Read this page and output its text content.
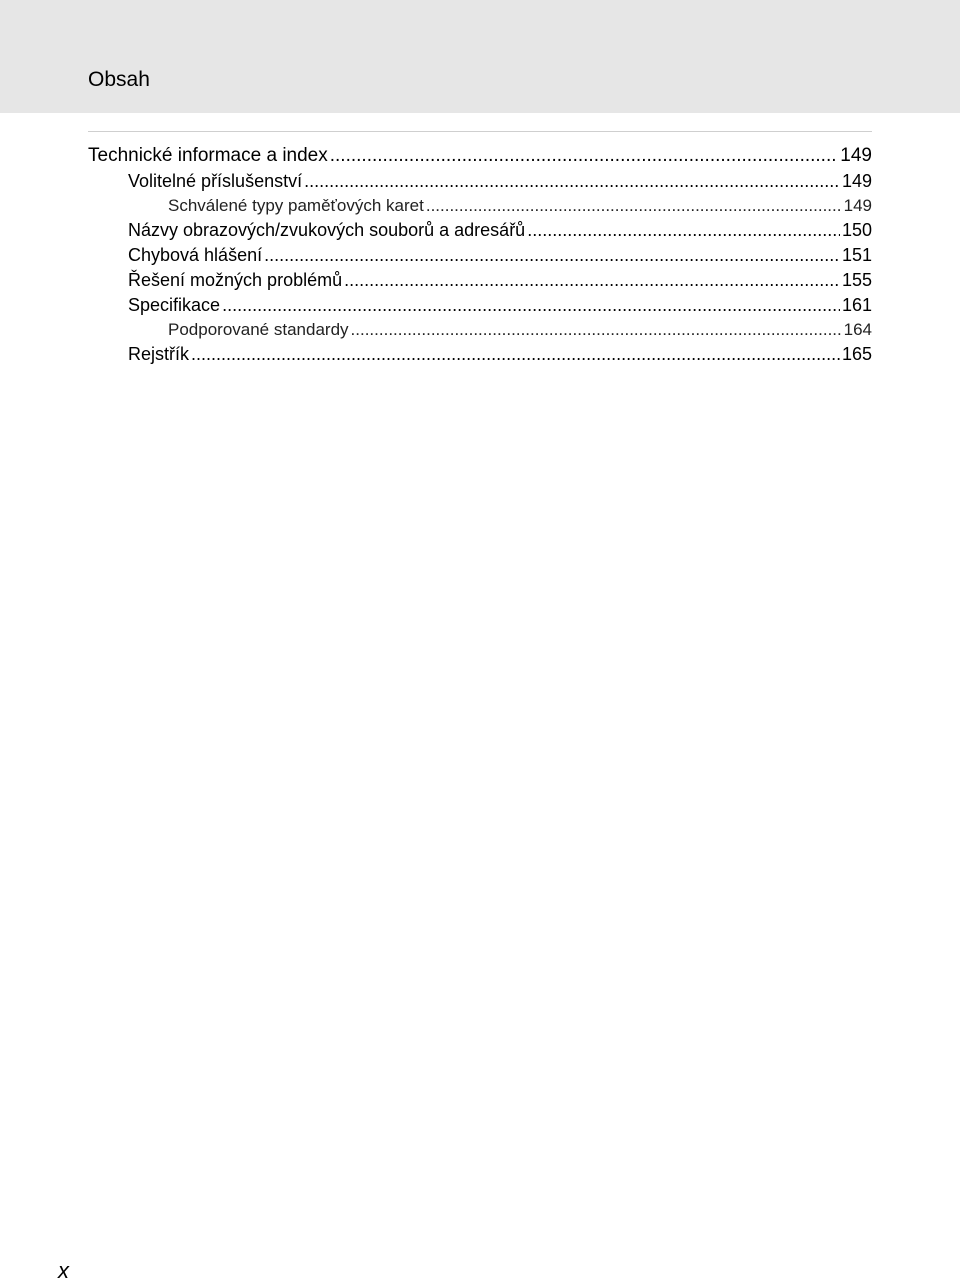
Obsah
Technické informace a index .....	149
Volitelné příslušenství .....	149
Schválené typy paměťových karet .....	149
Názvy obrazových/zvukových souborů a adresářů .....	150
Chybová hlášení .....	151
Řešení možných problémů .....	155
Specifikace .....	161
Podporované standardy .....	164
Rejstřík .....	165
x
